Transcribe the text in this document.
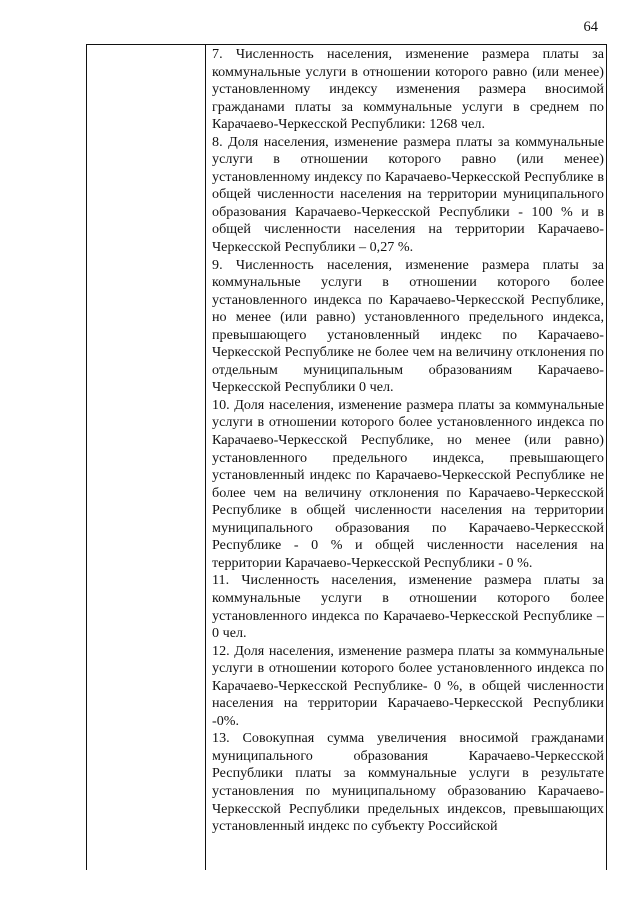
64

7. Численность населения, изменение размера платы за коммунальные услуги в отношении которого равно (или менее) установленному индексу изменения размера вносимой гражданами платы за коммунальные услуги в среднем по Карачаево-Черкесской Республики: 1268 чел.

8. Доля населения, изменение размера платы за коммунальные услуги в отношении которого равно (или менее) установленному индексу по Карачаево-Черкесской Республике в общей численности населения на территории муниципального образования Карачаево-Черкесской Республики - 100 % и в общей численности населения на территории Карачаево-Черкесской Республики – 0,27 %.

9. Численность населения, изменение размера платы за коммунальные услуги в отношении которого более установленного индекса по Карачаево-Черкесской Республике, но менее (или равно) установленного предельного индекса, превышающего установленный индекс по Карачаево-Черкесской Республике не более чем на величину отклонения по отдельным муниципальным образованиям Карачаево-Черкесской Республики 0 чел.

10. Доля населения, изменение размера платы за коммунальные услуги в отношении которого более установленного индекса по Карачаево-Черкесской Республике, но менее (или равно) установленного предельного индекса, превышающего установленный индекс по Карачаево-Черкесской Республике не более чем на величину отклонения по Карачаево-Черкесской Республике в общей численности населения на территории муниципального образования по Карачаево-Черкесской Республике - 0 % и общей численности населения на территории Карачаево-Черкесской Республики - 0 %.

11. Численность населения, изменение размера платы за коммунальные услуги в отношении которого более установленного индекса по Карачаево-Черкесской Республике – 0 чел.

12. Доля населения, изменение размера платы за коммунальные услуги в отношении которого более установленного индекса по Карачаево-Черкесской Республике- 0 %, в общей численности населения на территории Карачаево-Черкесской Республики -0%.

13. Совокупная сумма увеличения вносимой гражданами муниципального образования Карачаево-Черкесской Республики платы за коммунальные услуги в результате установления по муниципальному образованию Карачаево-Черкесской Республики предельных индексов, превышающих установленный индекс по субъекту Российской
